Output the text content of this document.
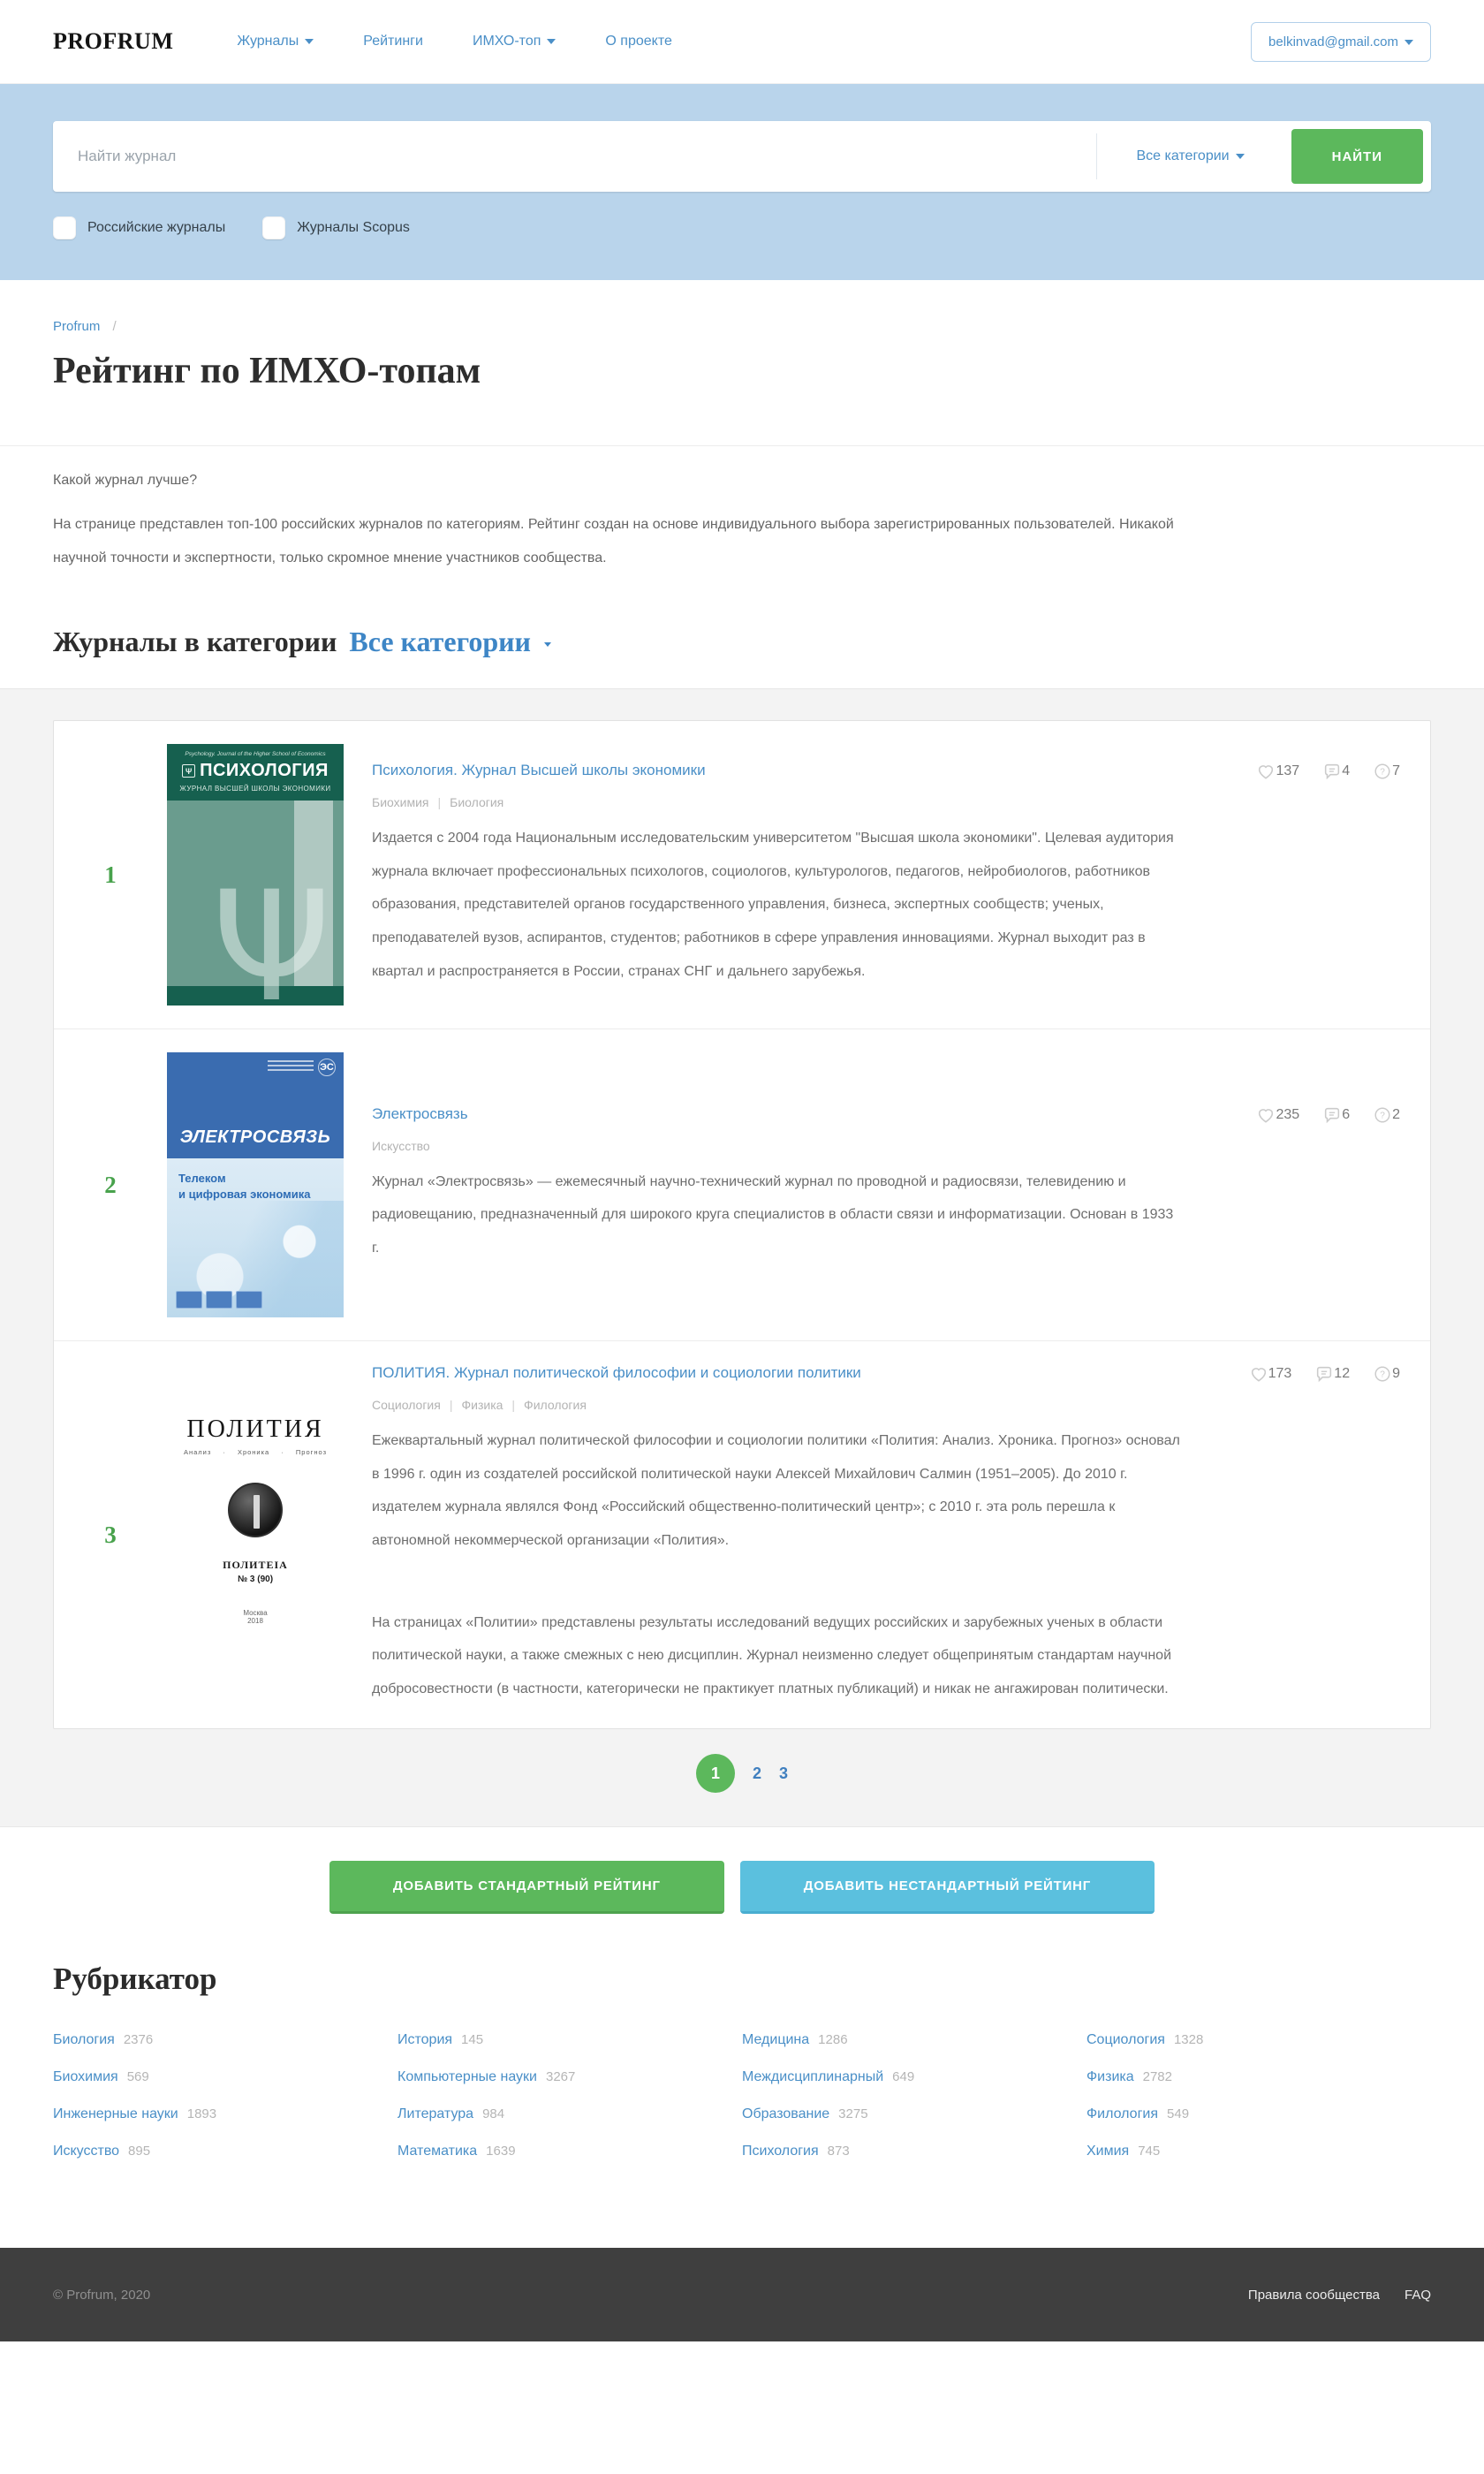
PROFRUM	Журналы	Рейтинги	ИМХО-топ	О проекте	belkinvad@gmail.com
Найти журнал
Все категории	НАЙТИ
Российские журналы	Журналы Scopus
Profrum /
Рейтинг по ИМХО-топам
Какой журнал лучше?

На странице представлен топ-100 российских журналов по категориям. Рейтинг создан на основе индивидуального выбора зарегистрированных пользователей. Никакой научной точности и экспертности, только скромное мнение участников сообщества.

Журналы в категории Все категории
1
Psychology. Journal of the Higher School of Economics
Ψ ПСИХОЛОГИЯ
ЖУРНАЛ ВЫСШЕЙ ШКОЛЫ ЭКОНОМИКИ
Ψ
Психология. Журнал Высшей школы экономики	137	4	? 7
Биохимия | Биология

Издается с 2004 года Национальным исследовательским университетом "Высшая школа экономики". Целевая аудитория журнала включает профессиональных психологов, социологов, культурологов, педагогов, нейробиологов, работников образования, представителей органов государственного управления, бизнеса, экспертных сообществ; ученых, преподавателей вузов, аспирантов, студентов; работников в сфере управления инновациями. Журнал выходит раз в квартал и распространяется в России, странах СНГ и дальнего зарубежья.

2
ЭС
ЭЛЕКТРОСВЯЗЬ
Телеком
и цифровая экономика
Электросвязь	235	6	? 2
Искусство

Журнал «Электросвязь» — ежемесячный научно-технический журнал по проводной и радиосвязи, телевидению и радиовещанию, предназначенный для широкого круга специалистов в области связи и информатизации. Основан в 1933 г.

3
ПОЛИТИЯ
Анализ · Хроника · Прогноз
ПОЛИТЕІА
№ 3 (90)
Москва
2018
ПОЛИТИЯ. Журнал политической философии и социологии политики	173	12	? 9
Социология | Физика | Филология

Ежеквартальный журнал политической философии и социологии политики «Полития: Анализ. Хроника. Прогноз» основал в 1996 г. один из создателей российской политической науки Алексей Михайлович Салмин (1951–2005). До 2010 г. издателем журнала являлся Фонд «Российский общественно-политический центр»; с 2010 г. эта роль перешла к автономной некоммерческой организации «Полития».

На страницах «Политии» представлены результаты исследований ведущих российских и зарубежных ученых в области политической науки, а также смежных с нею дисциплин. Журнал неизменно следует общепринятым стандартам научной добросовестности (в частности, категорически не практикует платных публикаций) и никак не ангажирован политически.

1	2 3
ДОБАВИТЬ СТАНДАРТНЫЙ РЕЙТИНГ	ДОБАВИТЬ НЕСТАНДАРТНЫЙ РЕЙТИНГ
Рубрикатор
Биология 2376
Биохимия 569
Инженерные науки 1893
Искусство 895
История 145
Компьютерные науки 3267
Литература 984
Математика 1639
Медицина 1286
Междисциплинарный 649
Образование 3275
Психология 873
Социология 1328
Физика 2782
Филология 549
Химия 745
© Profrum, 2020	Правила сообщества FAQ
